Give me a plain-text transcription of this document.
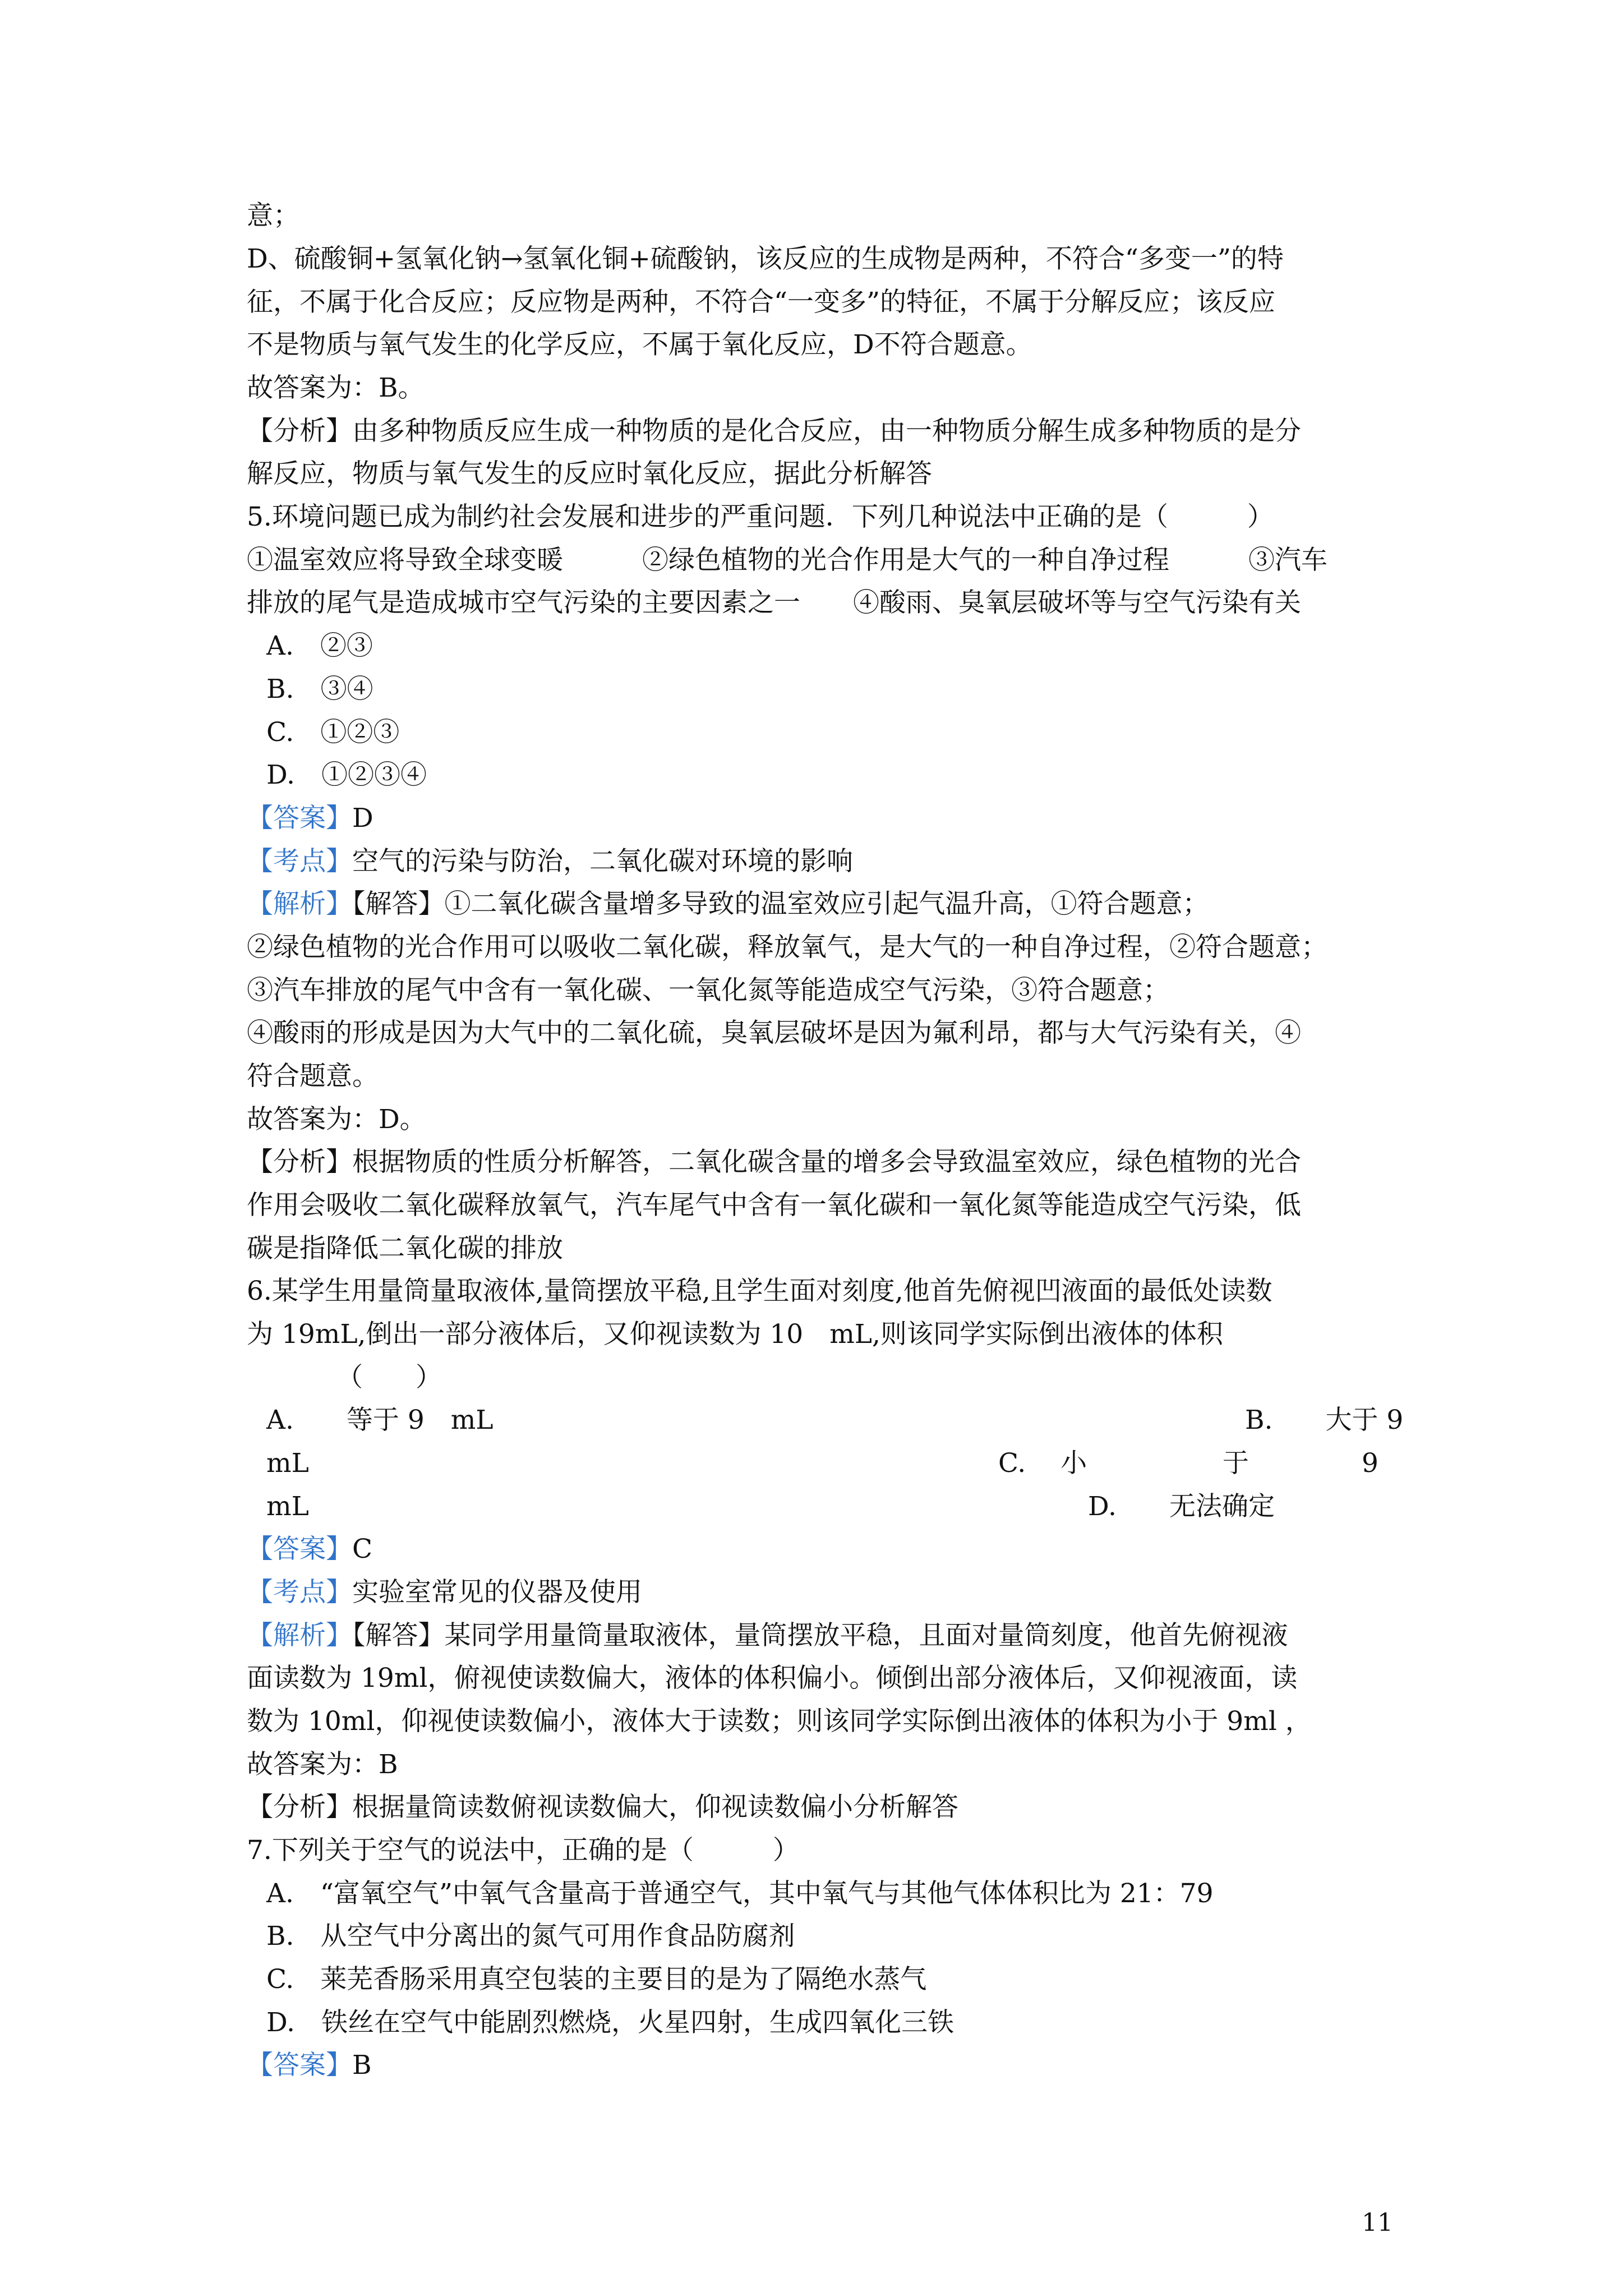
意；
D、硫酸铜+氢氧化钠→氢氧化铜+硫酸钠，该反应的生成物是两种，不符合“多变一”的特
征，不属于化合反应；反应物是两种，不符合“一变多”的特征，不属于分解反应；该反应
不是物质与氧气发生的化学反应，不属于氧化反应，D不符合题意。
故答案为：B。
【分析】由多种物质反应生成一种物质的是化合反应，由一种物质分解生成多种物质的是分
解反应，物质与氧气发生的反应时氧化反应，据此分析解答
5.环境问题已成为制约社会发展和进步的严重问题．下列几种说法中正确的是（　　　）
①温室效应将导致全球变暖　　　②绿色植物的光合作用是大气的一种自净过程　　　③汽车
排放的尾气是造成城市空气污染的主要因素之一　　④酸雨、臭氧层破坏等与空气污染有关
A.　②③
B.　③④
C.　①②③
D.　①②③④
【答案】D
【考点】空气的污染与防治，二氧化碳对环境的影响
【解析】【解答】①二氧化碳含量增多导致的温室效应引起气温升高，①符合题意；
②绿色植物的光合作用可以吸收二氧化碳，释放氧气，是大气的一种自净过程，②符合题意；
③汽车排放的尾气中含有一氧化碳、一氧化氮等能造成空气污染，③符合题意；
④酸雨的形成是因为大气中的二氧化硫，臭氧层破坏是因为氟利昂，都与大气污染有关，④
符合题意。
故答案为：D。
【分析】根据物质的性质分析解答，二氧化碳含量的增多会导致温室效应，绿色植物的光合
作用会吸收二氧化碳释放氧气，汽车尾气中含有一氧化碳和一氧化氮等能造成空气污染，低
碳是指降低二氧化碳的排放
6.某学生用量筒量取液体,量筒摆放平稳,且学生面对刻度,他首先俯视凹液面的最低处读数
为 19mL,倒出一部分液体后，又仰视读数为 10　mL,则该同学实际倒出液体的体积
（　　）
A.　　等于 9　mL	B.　　大于 9
mL	C.　 小	于	9
mL	D.　　无法确定
【答案】C
【考点】实验室常见的仪器及使用
【解析】【解答】某同学用量筒量取液体，量筒摆放平稳，且面对量筒刻度，他首先俯视液
面读数为 19ml，俯视使读数偏大，液体的体积偏小。倾倒出部分液体后，又仰视液面，读
数为 10ml，仰视使读数偏小，液体大于读数；则该同学实际倒出液体的体积为小于 9ml ，
故答案为：B
【分析】根据量筒读数俯视读数偏大，仰视读数偏小分析解答
7.下列关于空气的说法中，正确的是（　　　）
A.　“富氧空气”中氧气含量高于普通空气，其中氧气与其他气体体积比为 21：79
B.　从空气中分离出的氮气可用作食品防腐剂
C.　莱芜香肠采用真空包装的主要目的是为了隔绝水蒸气
D.　铁丝在空气中能剧烈燃烧，火星四射，生成四氧化三铁
【答案】B
11
